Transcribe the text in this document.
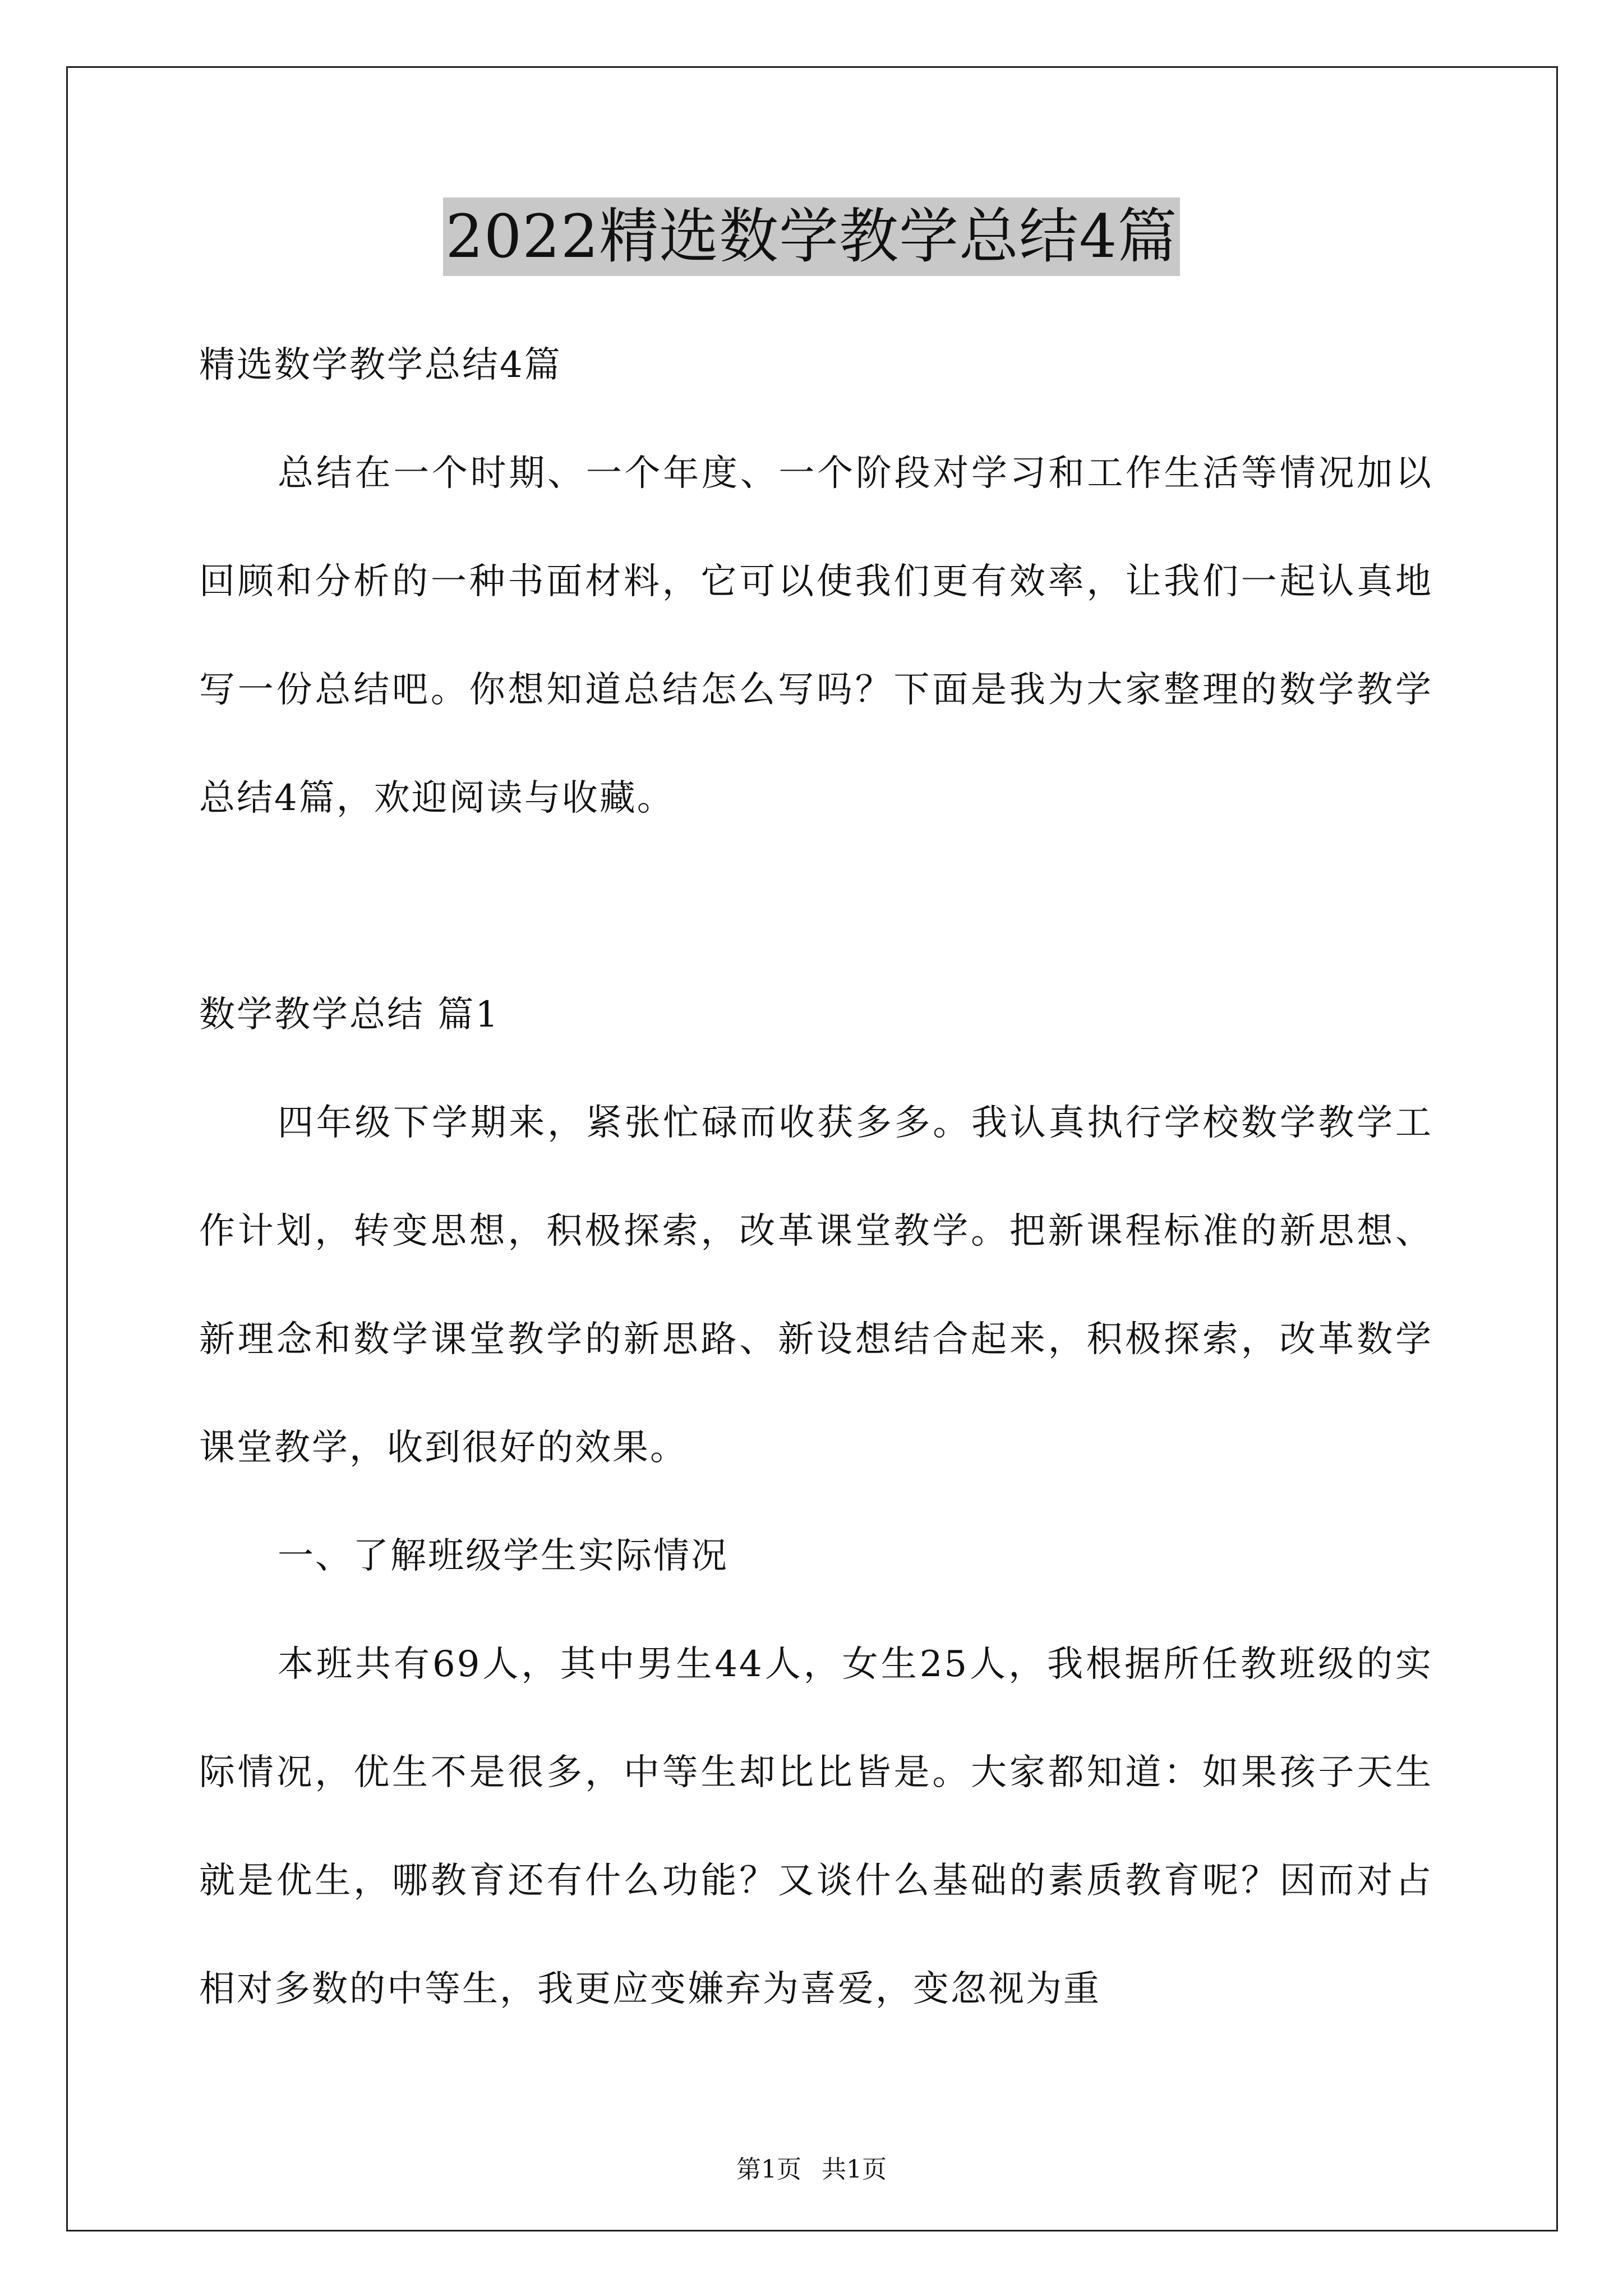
2022精选数学教学总结4篇

精选数学教学总结4篇

总结在一个时期、一个年度、一个阶段对学习和工作生活等情况加以回顾和分析的一种书面材料，它可以使我们更有效率，让我们一起认真地写一份总结吧。你想知道总结怎么写吗？下面是我为大家整理的数学教学总结4篇，欢迎阅读与收藏。

数学教学总结 篇1

四年级下学期来，紧张忙碌而收获多多。我认真执行学校数学教学工作计划，转变思想，积极探索，改革课堂教学。把新课程标准的新思想、新理念和数学课堂教学的新思路、新设想结合起来，积极探索，改革数学课堂教学，收到很好的效果。

一、了解班级学生实际情况

本班共有69人，其中男生44人，女生25人，我根据所任教班级的实际情况，优生不是很多，中等生却比比皆是。大家都知道：如果孩子天生就是优生，哪教育还有什么功能？又谈什么基础的素质教育呢？因而对占相对多数的中等生，我更应变嫌弃为喜爱，变忽视为重

第1页 共1页
